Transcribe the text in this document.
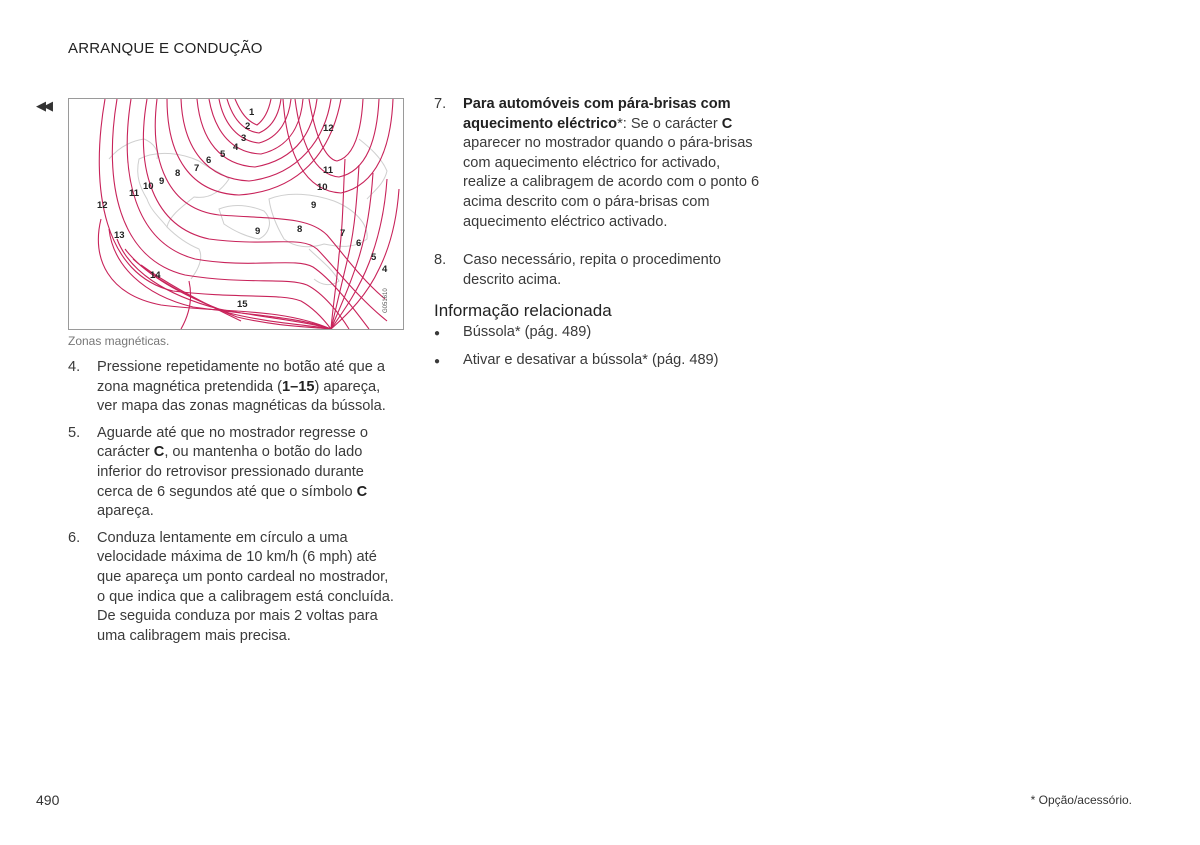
ARRANQUE E CONDUÇÃO
◀◀	1
2
3
4
5
6
7
8
9
10
11
12
13
14
15
12
11
10
9
9	8	7
6
5
4
G051610
Zonas magnéticas.
4.	Pressione repetidamente no botão até que a zona magnética pretendida (1–15) apareça, ver mapa das zonas magnéticas da bússola.
5.	Aguarde até que no mostrador regresse o carácter C, ou mantenha o botão do lado inferior do retrovisor pressionado durante cerca de 6 segundos até que o símbolo C apareça.
6.	Conduza lentamente em círculo a uma velocidade máxima de 10 km/h (6 mph) até que apareça um ponto cardeal no mostrador, o que indica que a calibragem está concluída. De seguida conduza por mais 2 voltas para uma calibragem mais precisa.
7.	Para automóveis com pára-brisas com aquecimento eléctrico*: Se o carácter C aparecer no mostrador quando o pára-brisas com aquecimento eléctrico for activado, realize a calibragem de acordo com o ponto 6 acima descrito com o pára-brisas com aquecimento eléctrico activado.
8.	Caso necessário, repita o procedimento descrito acima.
Informação relacionada
●	Bússola* (pág. 489)
●	Ativar e desativar a bússola* (pág. 489)
490	* Opção/acessório.
